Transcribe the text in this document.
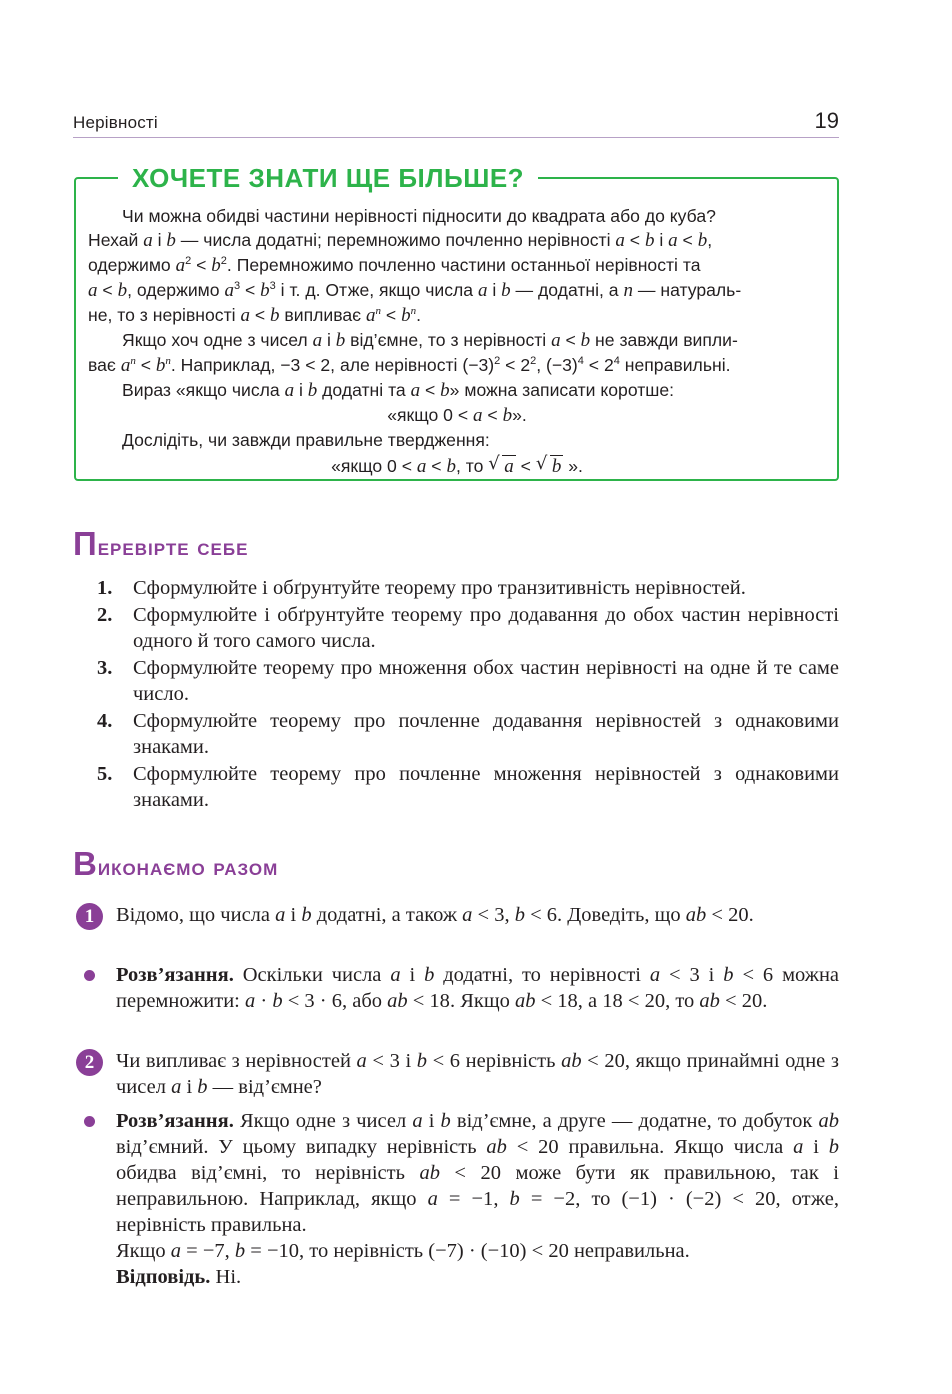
Нерівності	19
ХОЧЕТЕ ЗНАТИ ЩЕ БІЛЬШЕ?

Чи можна обидві частини нерівності підносити до квадрата або до куба?

Нехай a і b — числа додатні; перемножимо почленно нерівності a < b і a < b,

одержимо $a^2 < b^2$. Перемножимо почленно частини останньої нерівності та

a < b, одержимо $a^3 < b^3$ і т. д. Отже, якщо числа a і b — додатні, а n — натураль-

не, то з нерівності a < b випливає $a^n < b^n$.

Якщо хоч одне з чисел a і b від’ємне, то з нерівності a < b не завжди випли-

ває $a^n < b^n$. Наприклад, −3 < 2, але нерівності $(-3)^2 < 2^2$, $(-3)^4 < 2^4$ неправильні.

Вираз «якщо числа a і b додатні та a < b» можна записати коротше:

«якщо 0 < a < b».

Дослідіть, чи завжди правильне твердження:

«якщо 0 < a < b, то √ a < √ b ».

Перевірте себе
1.	Сформулюйте і обґрунтуйте теорему про транзитивність нерівностей.
2.	Сформулюйте і обґрунтуйте теорему про додавання до обох частин нерівності одного й того самого числа.
3.	Сформулюйте теорему про множення обох частин нерівності на одне й те саме число.
4.	Сформулюйте теорему про почленне додавання нерівностей з однаковими знаками.
5.	Сформулюйте теорему про почленне множення нерівностей з однаковими знаками.
Виконаємо разом
1	Відомо, що числа a і b додатні, а також a < 3, b < 6. Доведіть, що ab < 20.
Розв’язання. Оскільки числа a і b додатні, то нерівності a < 3 і b < 6 можна перемножити: a · b < 3 · 6, або ab < 18. Якщо ab < 18, а 18 < 20, то ab < 20.
2	Чи випливає з нерівностей a < 3 і b < 6 нерівність ab < 20, якщо принаймні одне з чисел a і b — від’ємне?
Розв’язання. Якщо одне з чисел a і b від’ємне, а друге — додатне, то добуток ab від’ємний. У цьому випадку нерівність ab < 20 правильна. Якщо числа a і b обидва від’ємні, то нерівність ab < 20 може бути як правильною, так і неправильною. Наприклад, якщо a = −1, b = −2, то (−1) · (−2) < 20, отже, нерівність правильна.
Якщо a = −7, b = −10, то нерівність (−7) · (−10) < 20 неправильна.
Відповідь. Ні.
